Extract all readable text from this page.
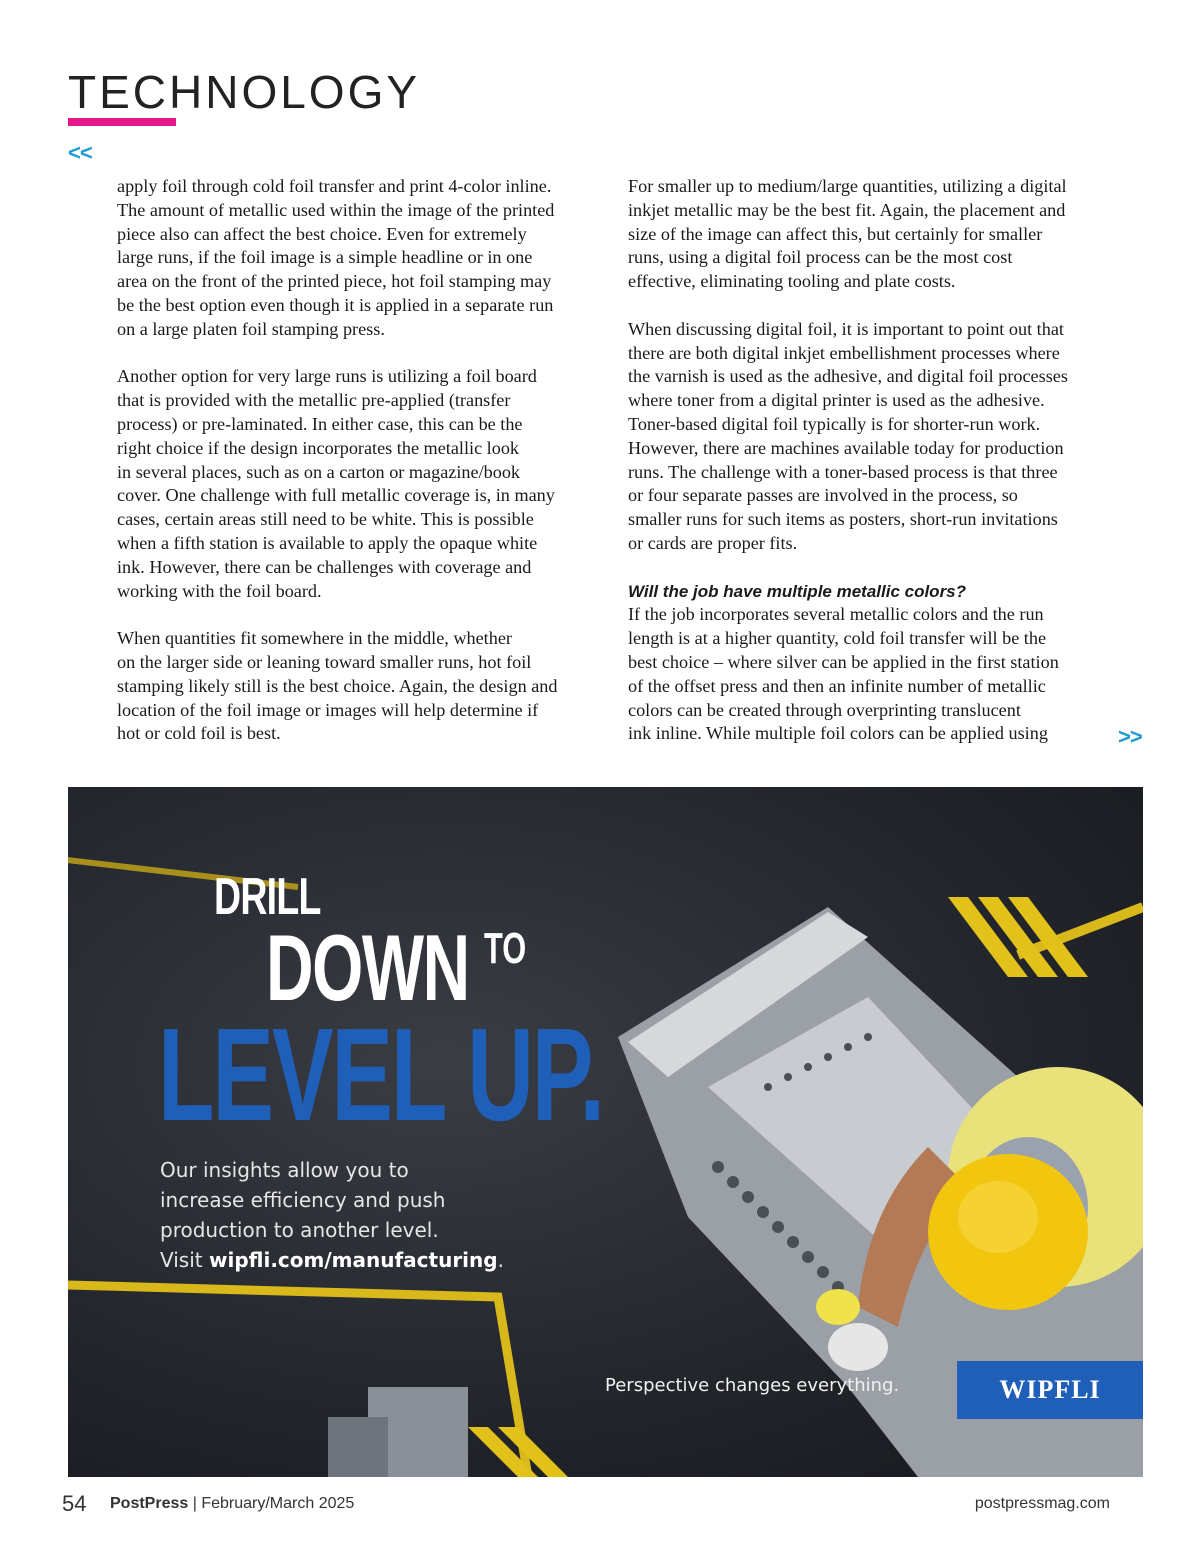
TECHNOLOGY
<<

apply foil through cold foil transfer and print 4-color inline.
The amount of metallic used within the image of the printed
piece also can affect the best choice. Even for extremely
large runs, if the foil image is a simple headline or in one
area on the front of the printed piece, hot foil stamping may
be the best option even though it is applied in a separate run
on a large platen foil stamping press.

Another option for very large runs is utilizing a foil board
that is provided with the metallic pre-applied (transfer
process) or pre-laminated. In either case, this can be the
right choice if the design incorporates the metallic look
in several places, such as on a carton or magazine/book
cover. One challenge with full metallic coverage is, in many
cases, certain areas still need to be white. This is possible
when a fifth station is available to apply the opaque white
ink. However, there can be challenges with coverage and
working with the foil board.

When quantities fit somewhere in the middle, whether
on the larger side or leaning toward smaller runs, hot foil
stamping likely still is the best choice. Again, the design and
location of the foil image or images will help determine if
hot or cold foil is best.

For smaller up to medium/large quantities, utilizing a digital
inkjet metallic may be the best fit. Again, the placement and
size of the image can affect this, but certainly for smaller
runs, using a digital foil process can be the most cost
effective, eliminating tooling and plate costs.

When discussing digital foil, it is important to point out that
there are both digital inkjet embellishment processes where
the varnish is used as the adhesive, and digital foil processes
where toner from a digital printer is used as the adhesive.
Toner-based digital foil typically is for shorter-run work.
However, there are machines available today for production
runs. The challenge with a toner-based process is that three
or four separate passes are involved in the process, so
smaller runs for such items as posters, short-run invitations
or cards are proper fits.

Will the job have multiple metallic colors?

If the job incorporates several metallic colors and the run
length is at a higher quantity, cold foil transfer will be the
best choice – where silver can be applied in the first station
of the offset press and then an infinite number of metallic
colors can be created through overprinting translucent
ink inline. While multiple foil colors can be applied using	>>
DRILL
DOWN TO
LEVEL UP.
Our insights allow you to
increase efficiency and push
production to another level.
Visit wipfli.com/manufacturing.
Perspective changes everything.	WIPFLI
54 PostPress | February/March 2025	postpressmag.com
